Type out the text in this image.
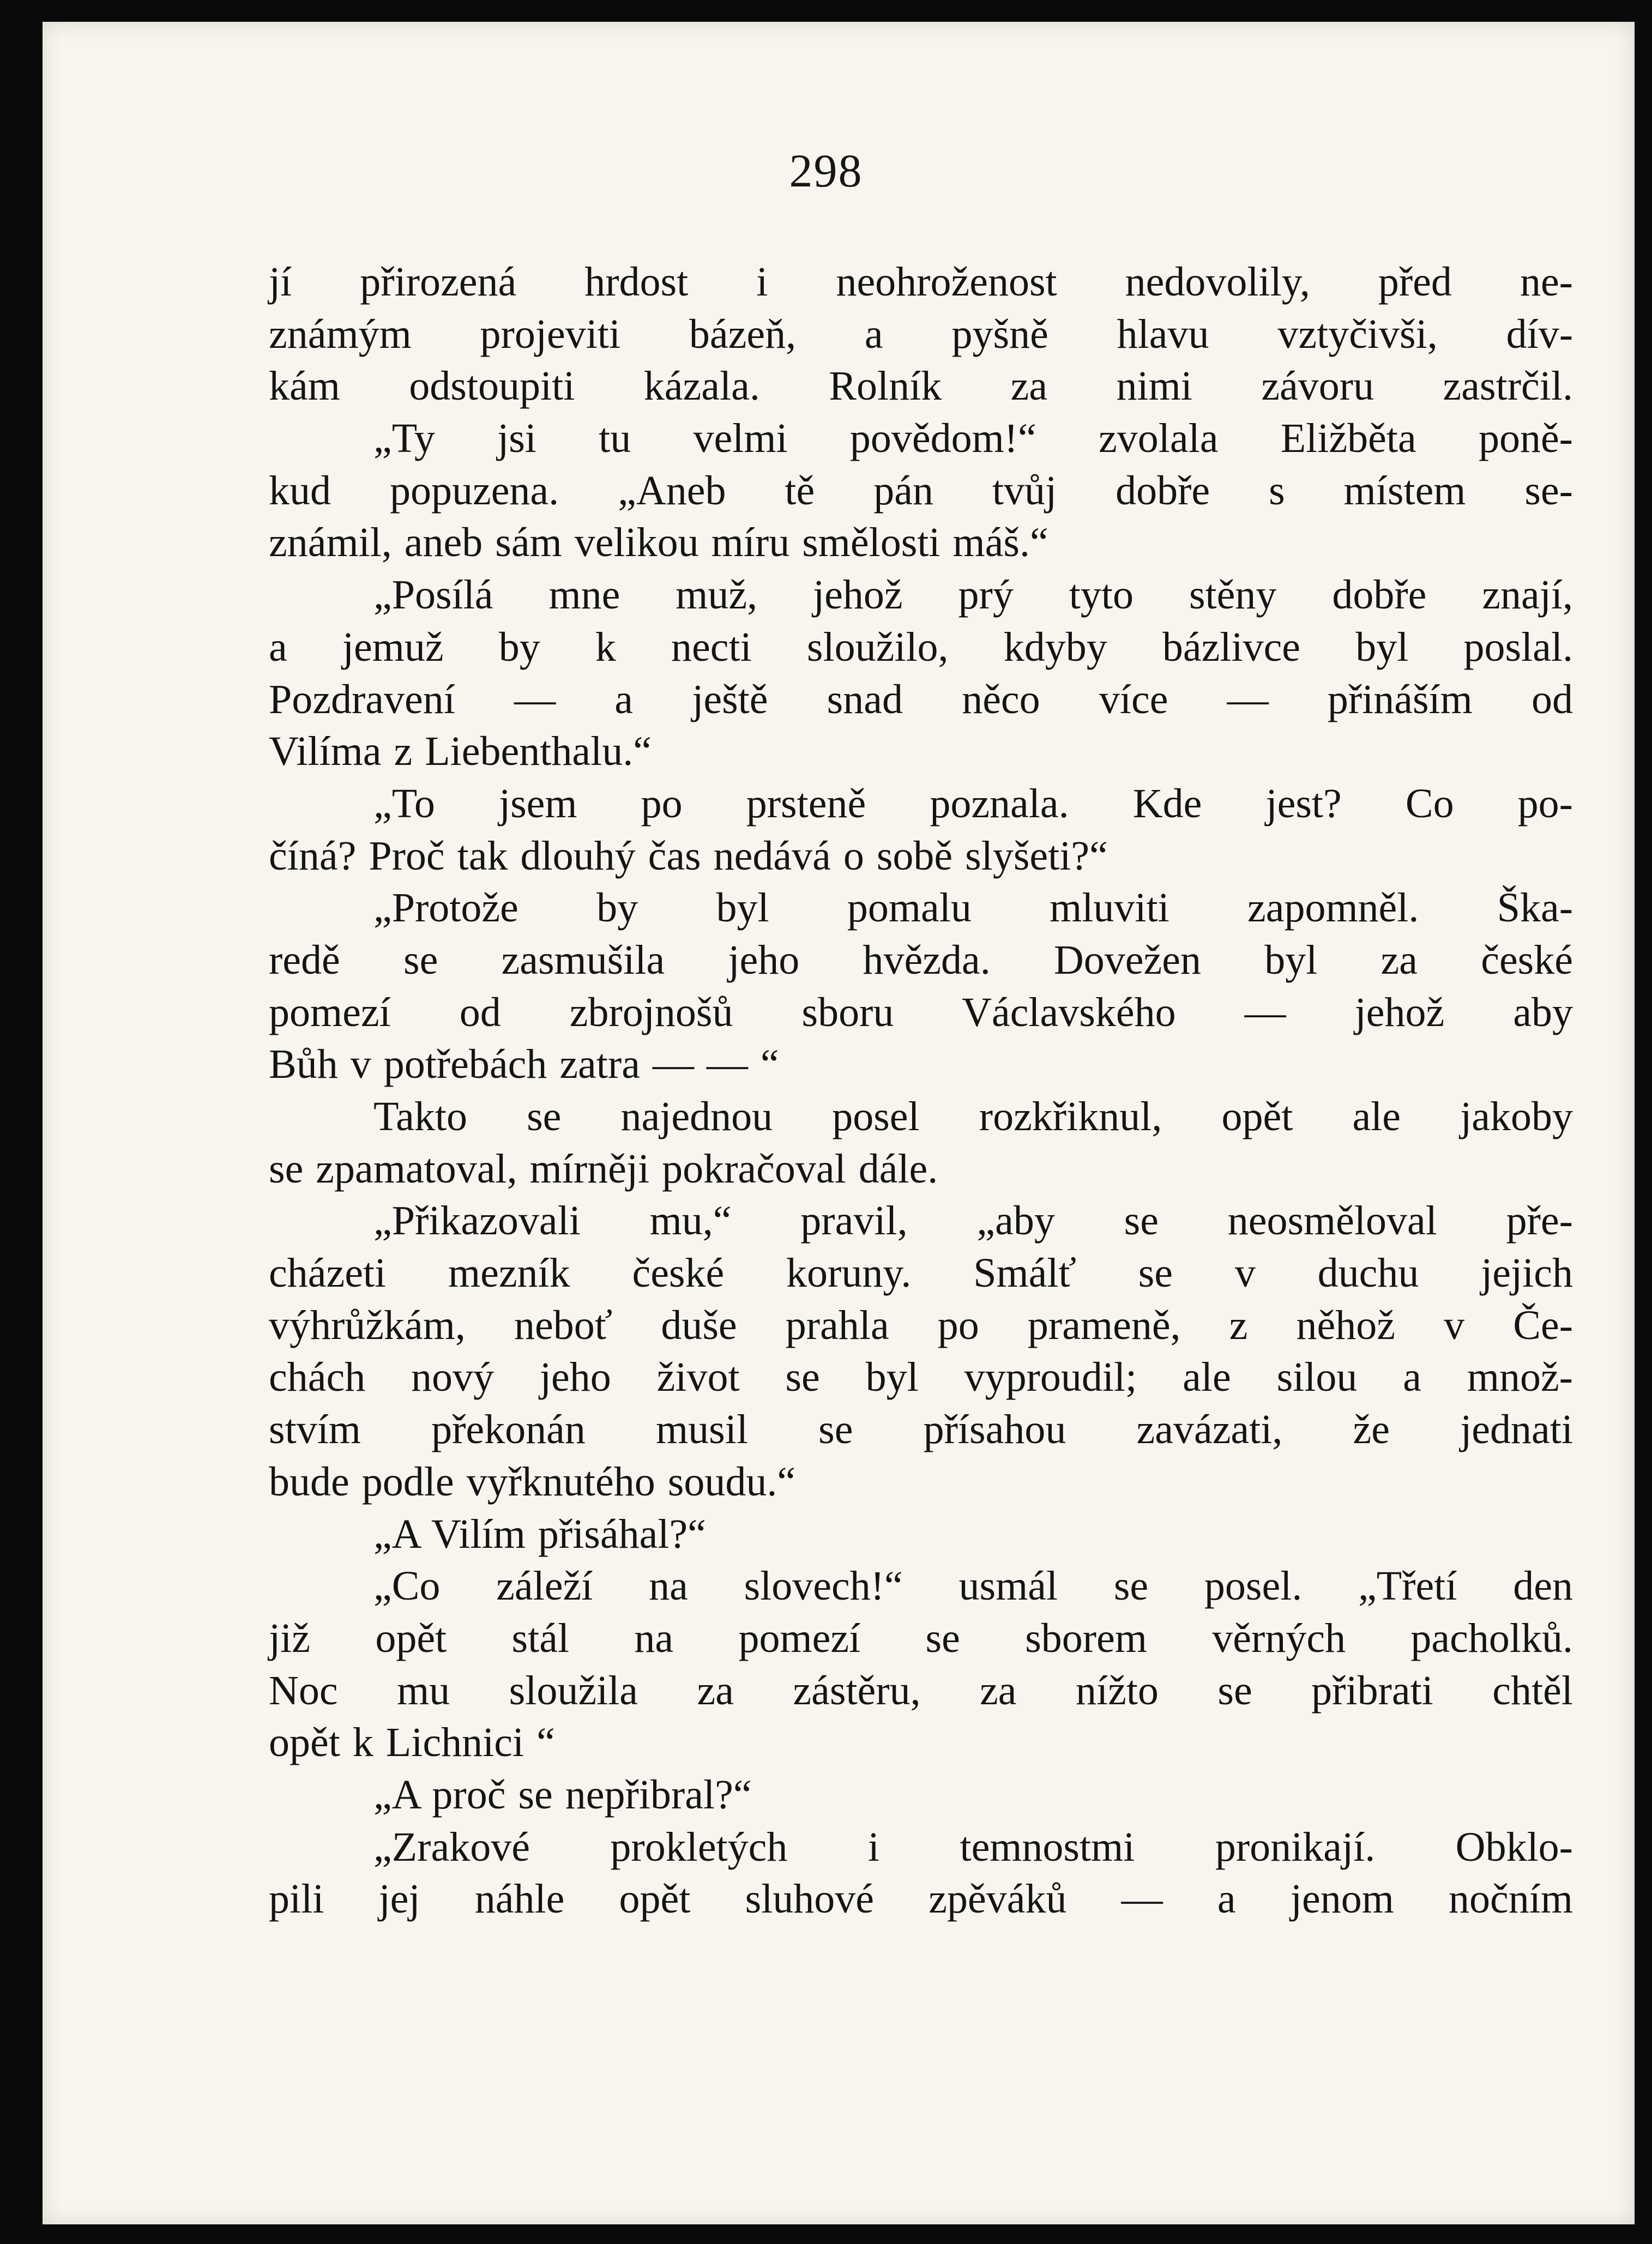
298
jí přirozená hrdost i neohroženost nedovolily, před ne-
známým projeviti bázeň, a pyšně hlavu vztyčivši, dív-
kám odstoupiti kázala. Rolník za nimi závoru zastrčil.
„Ty jsi tu velmi povědom!“ zvolala Eližběta poně-
kud popuzena. „Aneb tě pán tvůj dobře s místem se-
známil, aneb sám velikou míru smělosti máš.“
„Posílá mne muž, jehož prý tyto stěny dobře znají,
a jemuž by k necti sloužilo, kdyby bázlivce byl poslal.
Pozdravení — a ještě snad něco více — přináším od
Vilíma z Liebenthalu.“
„To jsem po prsteně poznala. Kde jest? Co po-
číná? Proč tak dlouhý čas nedává o sobě slyšeti?“
„Protože by byl pomalu mluviti zapomněl. Ška-
redě se zasmušila jeho hvězda. Dovežen byl za české
pomezí od zbrojnošů sboru Václavského — jehož aby
Bůh v potřebách zatra — — “
Takto se najednou posel rozkřiknul, opět ale jakoby
se zpamatoval, mírněji pokračoval dále.
„Přikazovali mu,“ pravil, „aby se neosměloval pře-
cházeti mezník české koruny. Smálť se v duchu jejich
výhrůžkám, neboť duše prahla po prameně, z něhož v Če-
chách nový jeho život se byl vyproudil; ale silou a množ-
stvím překonán musil se přísahou zavázati, že jednati
bude podle vyřknutého soudu.“
„A Vilím přisáhal?“
„Co záleží na slovech!“ usmál se posel. „Třetí den
již opět stál na pomezí se sborem věrných pacholků.
Noc mu sloužila za zástěru, za nížto se přibrati chtěl
opět k Lichnici “
„A proč se nepřibral?“
„Zrakové prokletých i temnostmi pronikají. Obklo-
pili jej náhle opět sluhové zpěváků — a jenom nočním
